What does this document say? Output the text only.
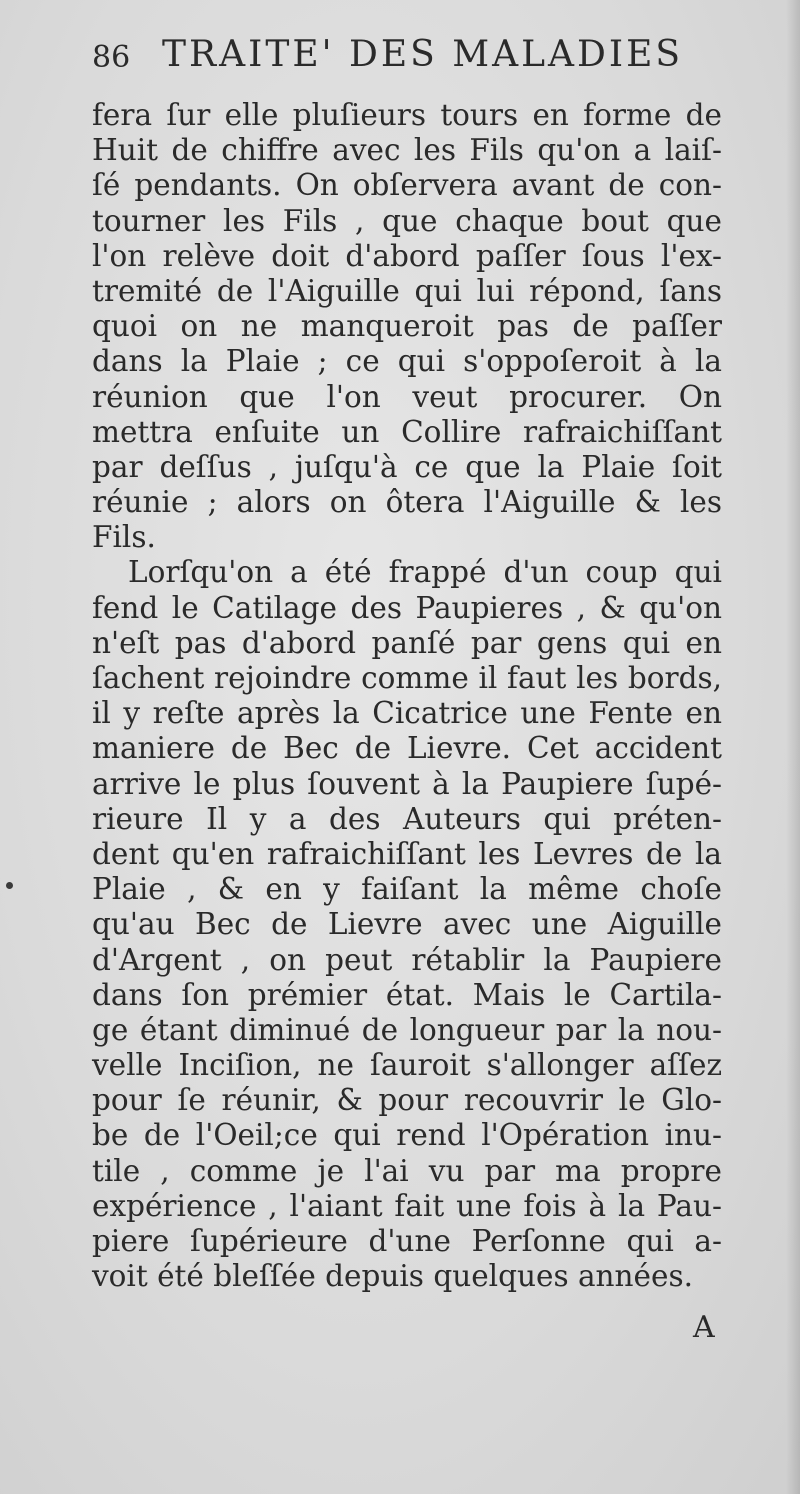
86 TRAITE' DES MALADIES
fera ſur elle pluſieurs tours en forme de
Huit de chiffre avec les Fils qu'on a laiſ-
ſé pendants. On obſervera avant de con-
tourner les Fils , que chaque bout que
l'on relève doit d'abord paſſer ſous l'ex-
tremité de l'Aiguille qui lui répond, ſans
quoi on ne manqueroit pas de paſſer
dans la Plaie ; ce qui s'oppoſeroit à la
réunion que l'on veut procurer. On
mettra enſuite un Collire rafraichiſſant
par deſſus , juſqu'à ce que la Plaie ſoit
réunie ; alors on ôtera l'Aiguille & les
Fils.
Lorſqu'on a été frappé d'un coup qui
fend le Catilage des Paupieres , & qu'on
n'eſt pas d'abord panſé par gens qui en
ſachent rejoindre comme il faut les bords,
il y reſte après la Cicatrice une Fente en
maniere de Bec de Lievre. Cet accident
arrive le plus ſouvent à la Paupiere ſupé-
rieure Il y a des Auteurs qui préten-
dent qu'en rafraichiſſant les Levres de la
Plaie , & en y faiſant la même choſe
qu'au Bec de Lievre avec une Aiguille
d'Argent , on peut rétablir la Paupiere
dans ſon prémier état. Mais le Cartila-
ge étant diminué de longueur par la nou-
velle Inciſion, ne ſauroit s'allonger aſſez
pour ſe réunir, & pour recouvrir le Glo-
be de l'Oeil;ce qui rend l'Opération inu-
tile , comme je l'ai vu par ma propre
expérience , l'aiant fait une fois à la Pau-
piere ſupérieure d'une Perſonne qui a-
voit été bleſſée depuis quelques années.
A
